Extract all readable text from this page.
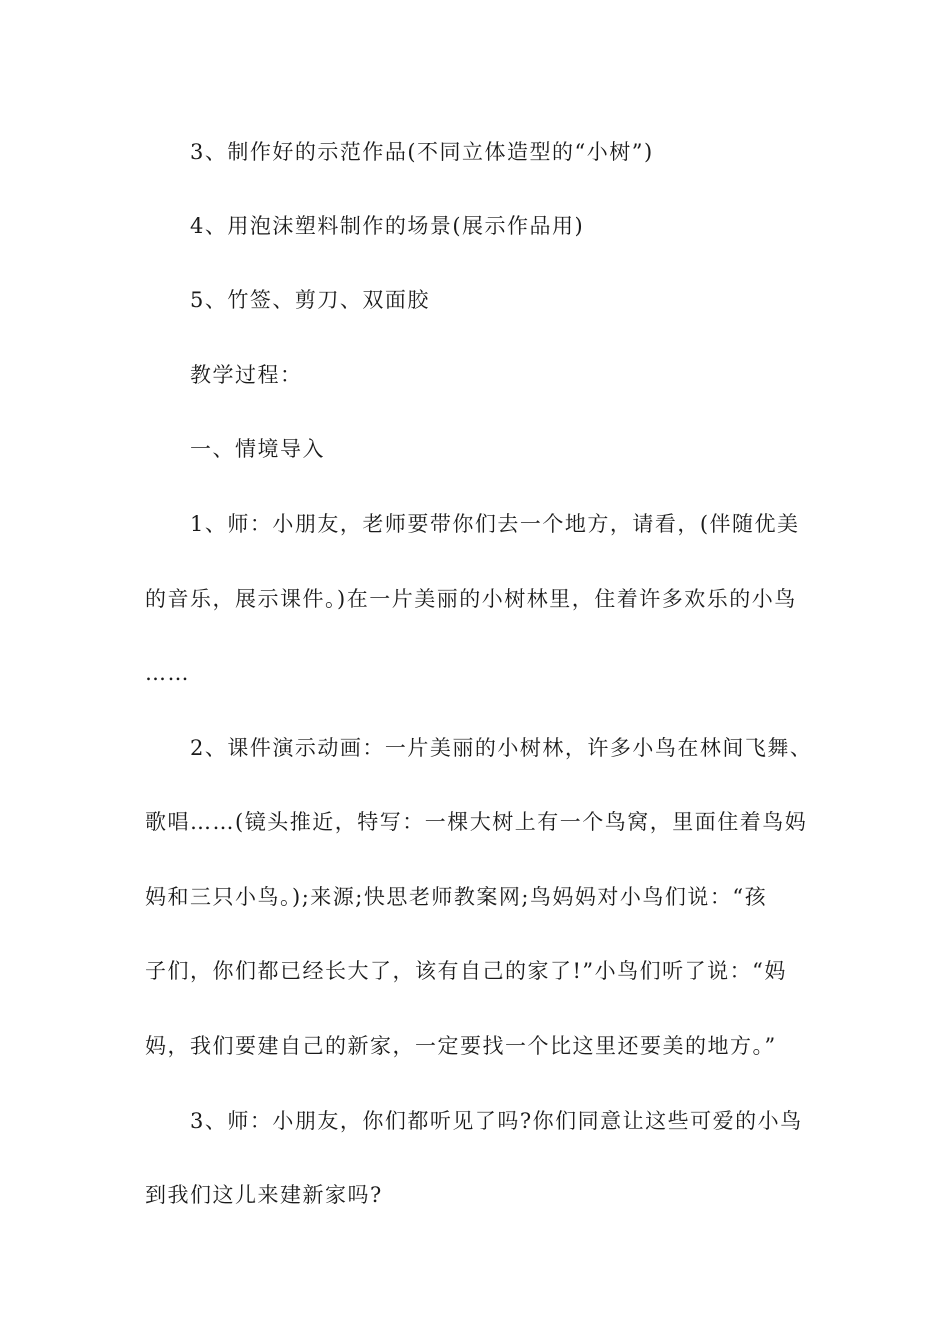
3、制作好的示范作品(不同立体造型的“小树”)
4、用泡沫塑料制作的场景(展示作品用)
5、竹签、剪刀、双面胶
教学过程：
一、情境导入
1、师：小朋友，老师要带你们去一个地方，请看，(伴随优美
的音乐，展示课件。)在一片美丽的小树林里，住着许多欢乐的小鸟
……
2、课件演示动画：一片美丽的小树林，许多小鸟在林间飞舞、
歌唱……(镜头推近，特写：一棵大树上有一个鸟窝，里面住着鸟妈
妈和三只小鸟。);来源;快思老师教案网;鸟妈妈对小鸟们说：“孩
子们，你们都已经长大了，该有自己的家了!”小鸟们听了说：“妈
妈，我们要建自己的新家，一定要找一个比这里还要美的地方。”
3、师：小朋友，你们都听见了吗?你们同意让这些可爱的小鸟
到我们这儿来建新家吗?
